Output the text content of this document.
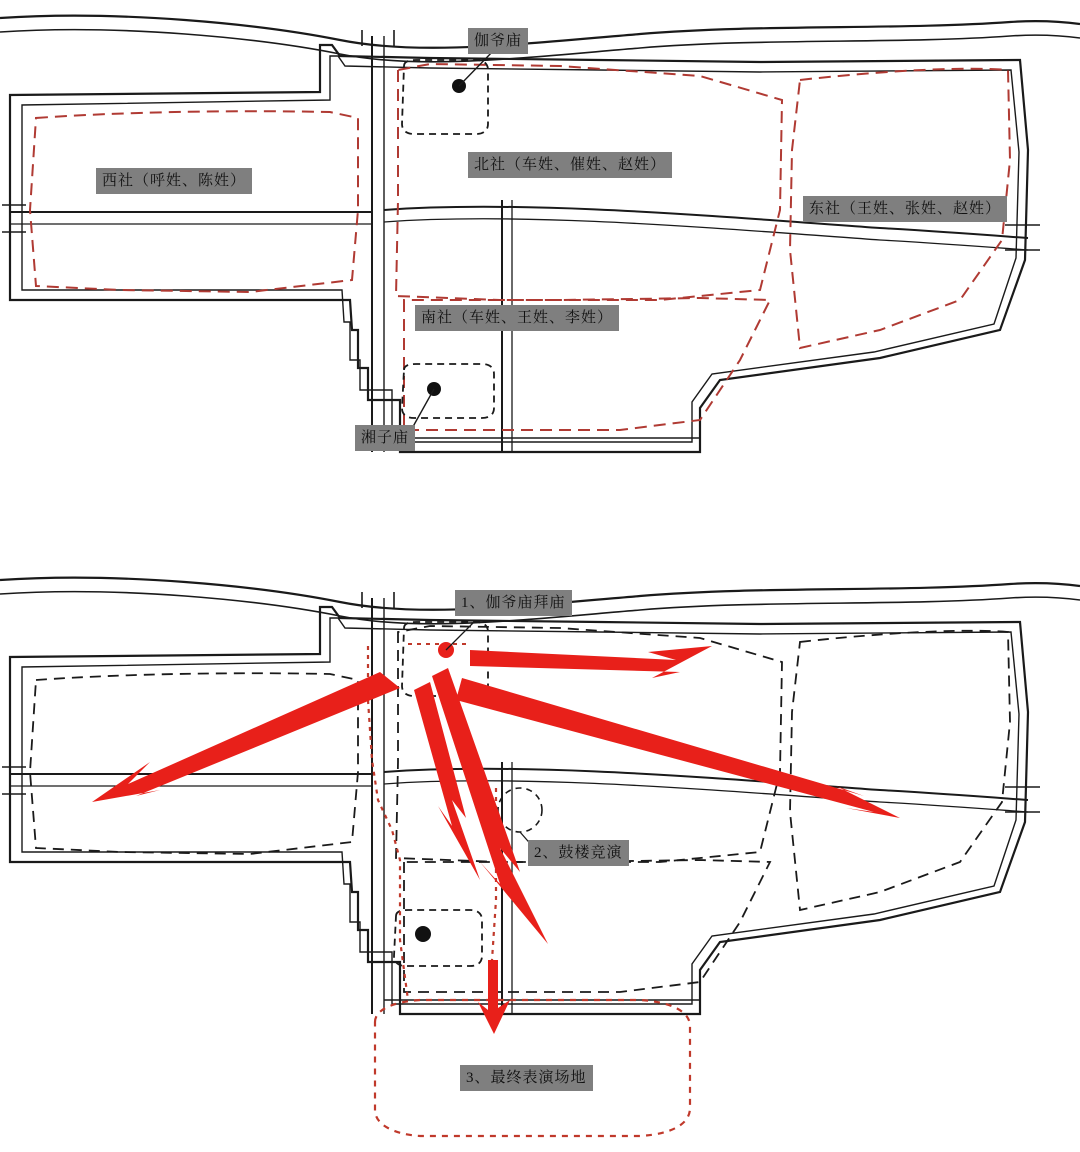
伽爷庙
北社（车姓、催姓、赵姓）
西社（呼姓、陈姓）
东社（王姓、张姓、赵姓）
南社（车姓、王姓、李姓）
湘子庙
1、伽爷庙拜庙
2、鼓楼竞演
3、最终表演场地
